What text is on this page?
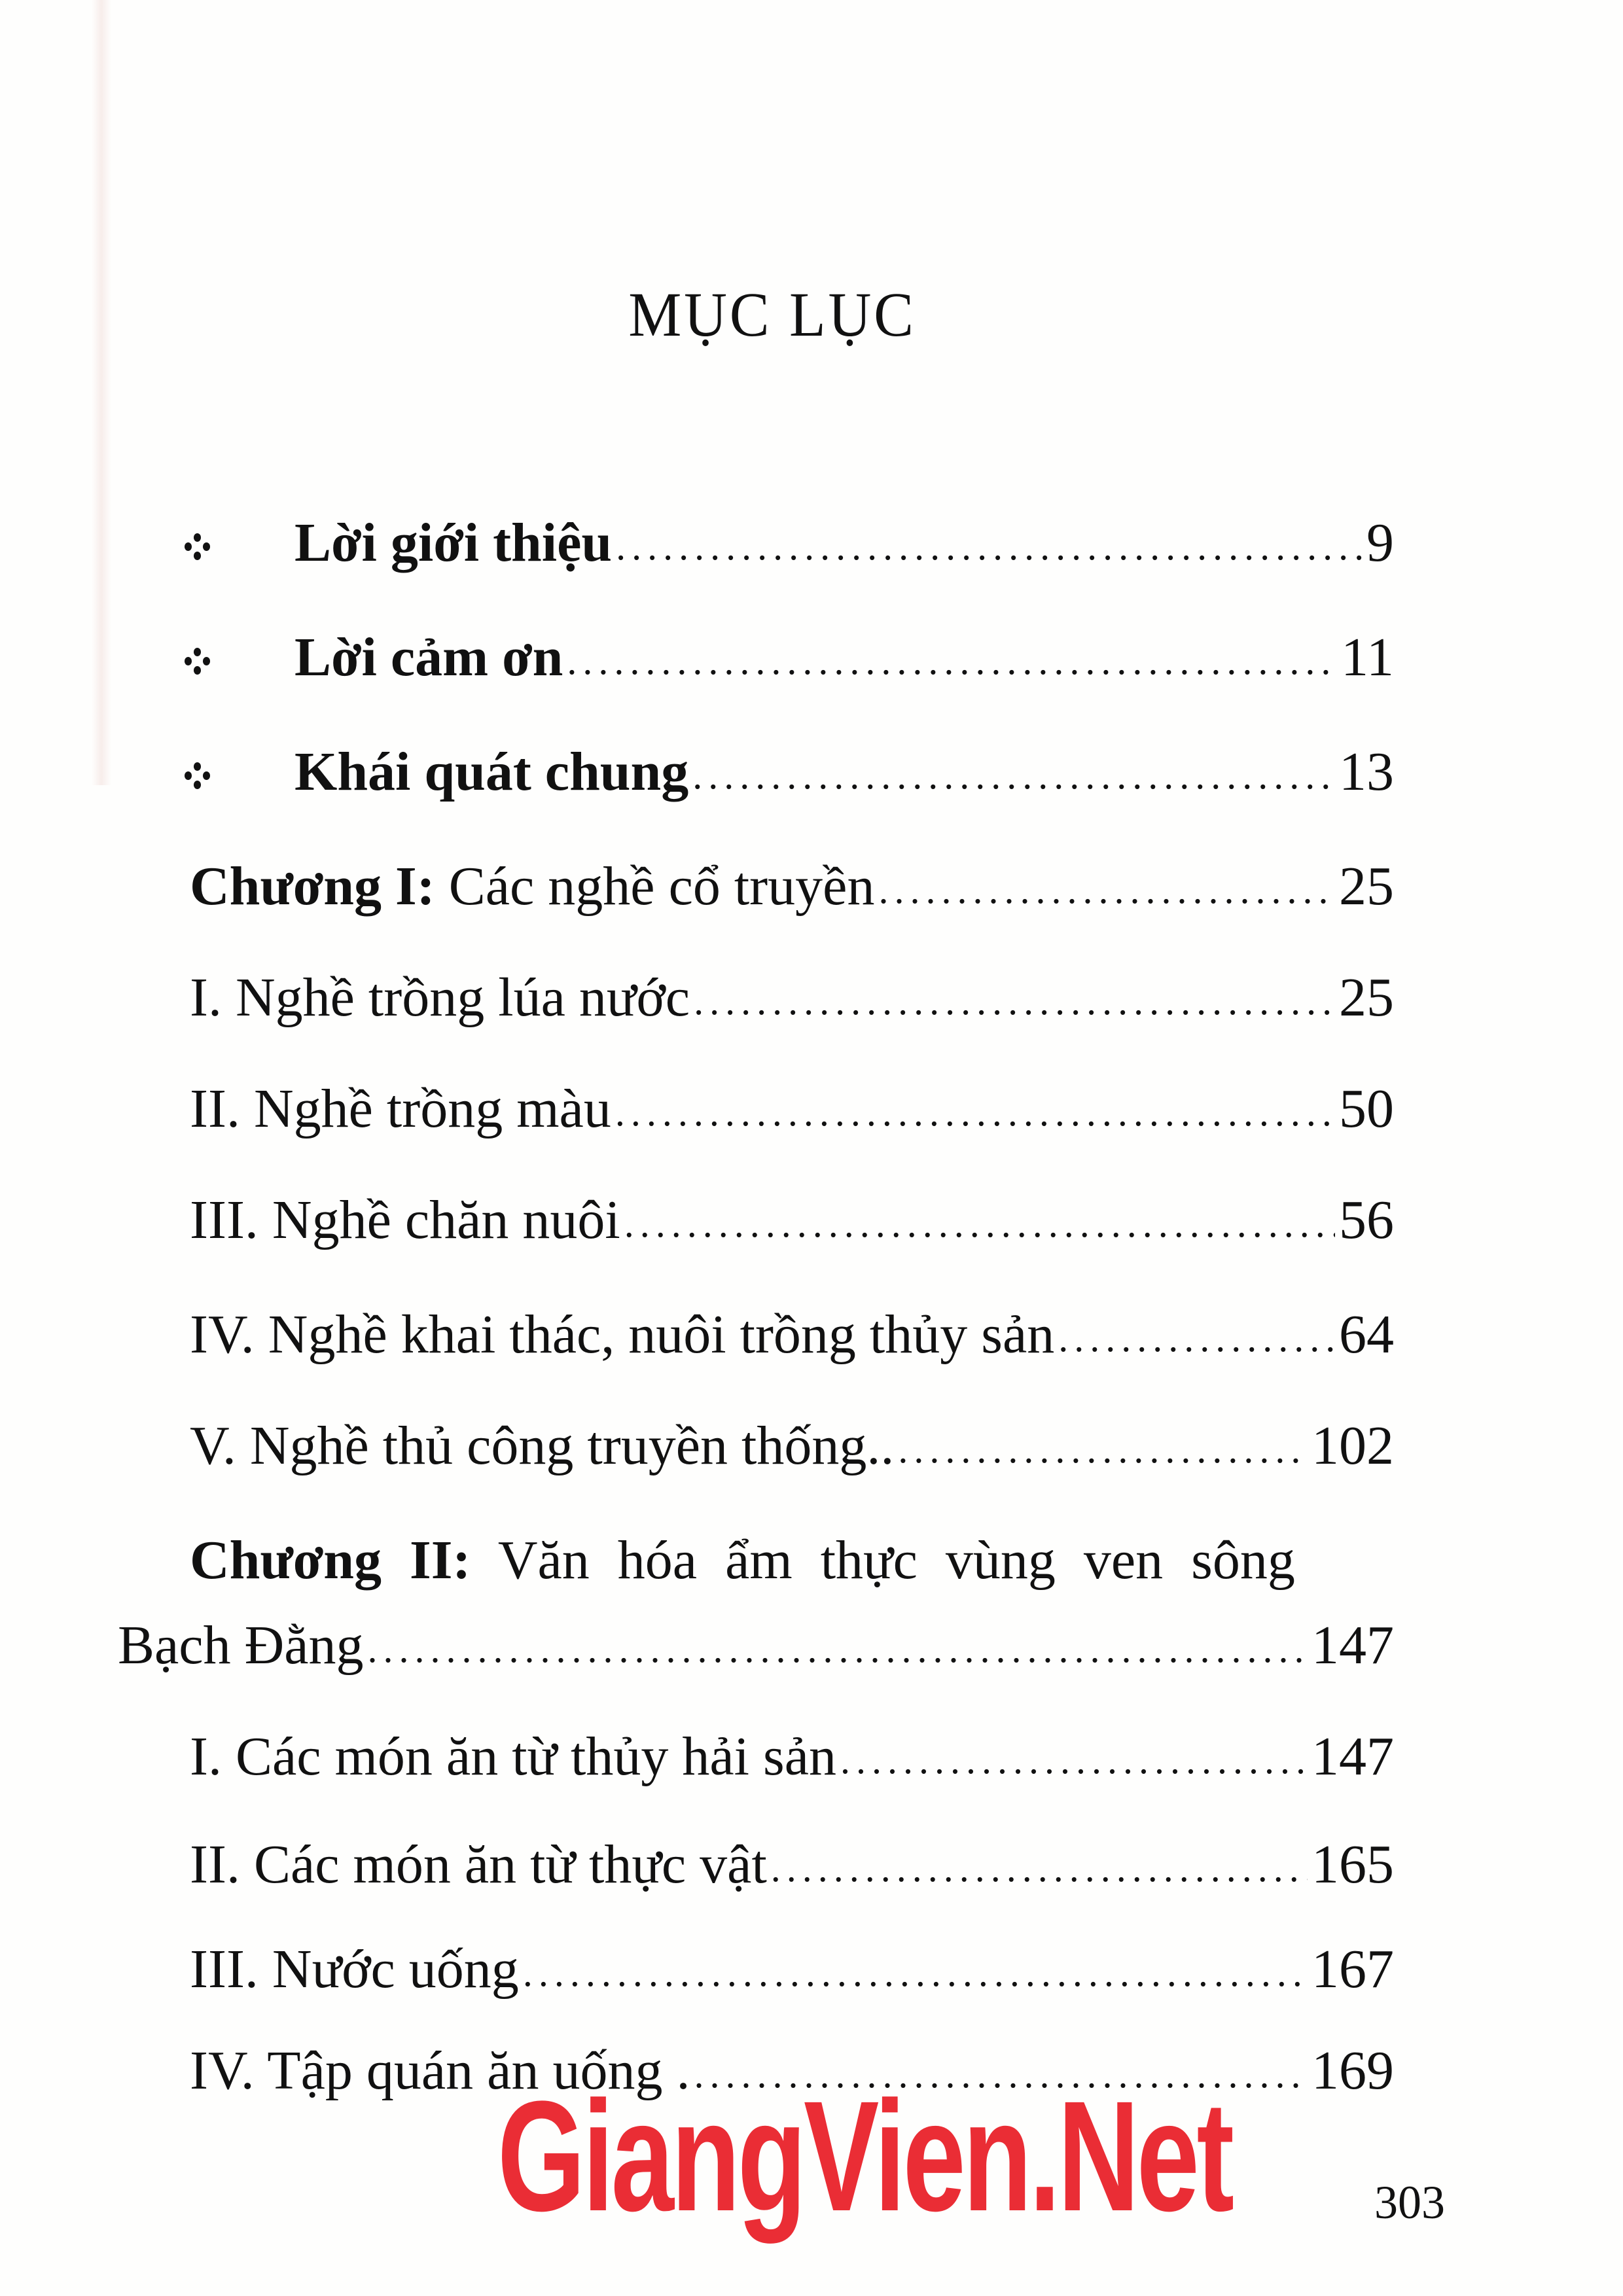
MỤC LỤC
Lời giới thiệu .....	9
Lời cảm ơn .....	11
Khái quát chung .....	13
Chương I: Các nghề cổ truyền .....	25
I. Nghề trồng lúa nước .....	25
II. Nghề trồng màu .....	50
III. Nghề chăn nuôi .....	56
IV. Nghề khai thác, nuôi trồng thủy sản .....	64
V. Nghề thủ công truyền thống.. .....	102
Chương II: Văn hóa ẩm thực vùng ven sông
Bạch Đằng .....	147
I. Các món ăn từ thủy hải sản .....	147
II. Các món ăn từ thực vật .....	165
III. Nước uống .....	167
IV. Tập quán ăn uống . .....	169
GiangVien.Net	303
